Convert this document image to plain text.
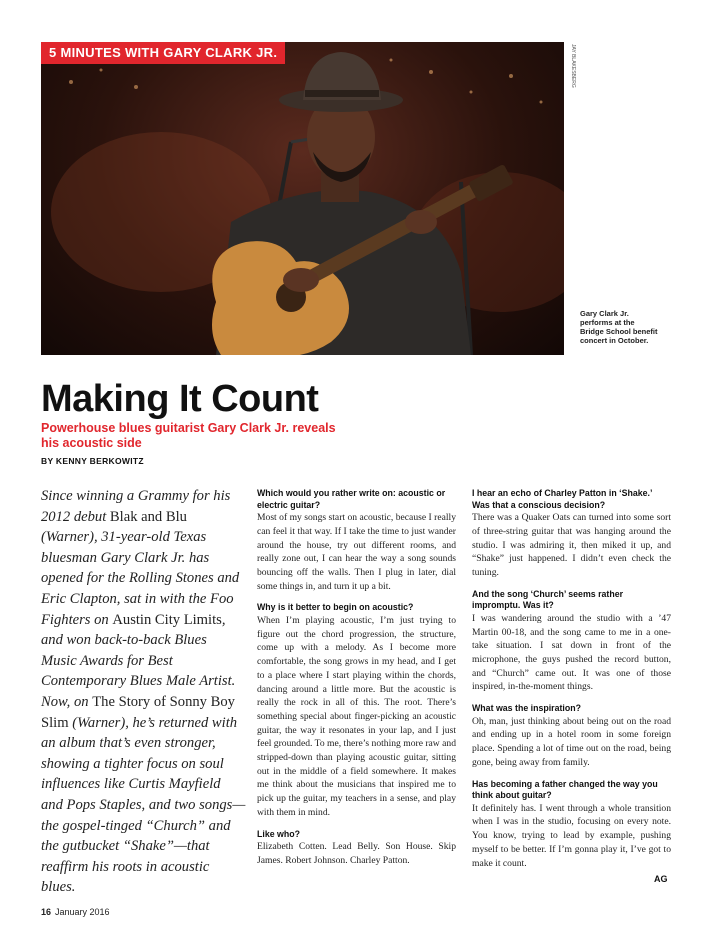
5 MINUTES WITH GARY CLARK JR.	JAY BLAKESBERG
Gary Clark Jr. performs at the Bridge School benefit concert in October.
Making It Count

Powerhouse blues guitarist Gary Clark Jr. reveals his acoustic side

BY KENNY BERKOWITZ

Since winning a Grammy for his 2012 debut Blak and Blu (Warner), 31-year-old Texas bluesman Gary Clark Jr. has opened for the Rolling Stones and Eric Clapton, sat in with the Foo Fighters on Austin City Limits, and won back-to-back Blues Music Awards for Best Contemporary Blues Male Artist. Now, on The Story of Sonny Boy Slim (Warner), he’s returned with an album that’s even stronger, showing a tighter focus on soul influences like Curtis Mayfield and Pops Staples, and two songs—the gospel-tinged “Church” and the gutbucket “Shake”—that reaffirm his roots in acoustic blues.

Which would you rather write on: acoustic or electric guitar?

Most of my songs start on acoustic, because I really can feel it that way. If I take the time to just wander around the house, try out different rooms, and really zone out, I can hear the way a song sounds bouncing off the walls. Then I plug in later, dial some things in, and turn it up a bit.

Why is it better to begin on acoustic?

When I’m playing acoustic, I’m just trying to figure out the chord progression, the structure, come up with a melody. As I become more comfortable, the song grows in my head, and I get to a place where I start playing within the chords, dancing around a little more. But the acoustic is really the rock in all of this. The root. There’s something special about finger-picking an acoustic guitar, the way it resonates in your lap, and I just feel grounded. To me, there’s nothing more raw and stripped-down than playing acoustic guitar, sitting out in the middle of a field somewhere. It makes me think about the musicians that inspired me to pick up the guitar, my teachers in a sense, and play with them in mind.

Like who?

Elizabeth Cotten. Lead Belly. Son House. Skip James. Robert Johnson. Charley Patton.

I hear an echo of Charley Patton in ‘Shake.’ Was that a conscious decision?

There was a Quaker Oats can turned into some sort of three-string guitar that was hanging around the studio. I was admiring it, then miked it up, and “Shake” just happened. I didn’t even check the tuning.

And the song ‘Church’ seems rather impromptu. Was it?

I was wandering around the studio with a ’47 Martin 00-18, and the song came to me in a one-take situation. I sat down in front of the microphone, the guys pushed the record button, and “Church” came out. It was one of those inspired, in-the-moment things.

What was the inspiration?

Oh, man, just thinking about being out on the road and ending up in a hotel room in some foreign place. Spending a lot of time out on the road, being gone, being away from family.

Has becoming a father changed the way you think about guitar?

It definitely has. I went through a whole transition when I was in the studio, focusing on every note. You know, trying to lead by example, pushing myself to be better. If I’m gonna play it, I’ve got to make it count.

AG
16 January 2016
